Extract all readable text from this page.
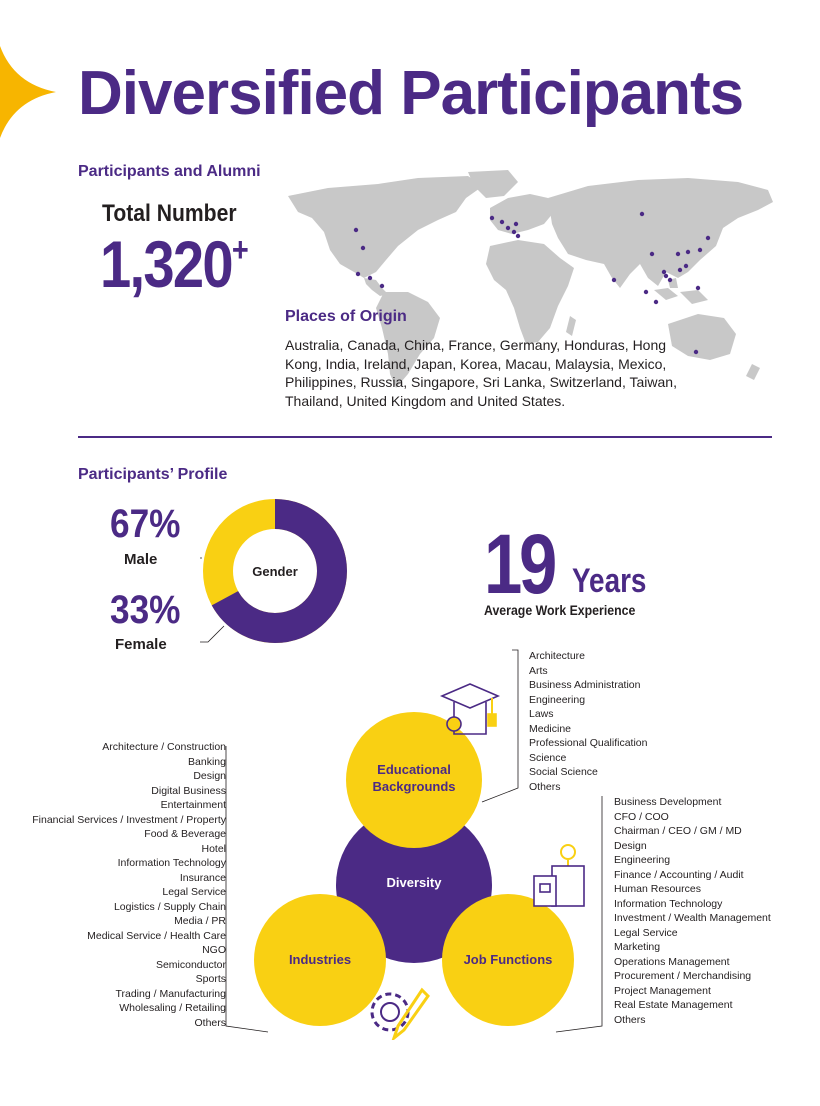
Diversified Participants
Participants and Alumni
Total Number
1,320+
Places of Origin
Australia, Canada, China, France, Germany, Honduras, Hong Kong, India, Ireland, Japan, Korea, Macau, Malaysia, Mexico, Philippines, Russia, Singapore, Sri Lanka, Switzerland, Taiwan, Thailand, United Kingdom and United States.
Participants’ Profile
67%
Male
33%
Female
Gender 19 Years
Average Work Experience
Educational
Backgrounds
Diversity
Industries	Job Functions
Architecture / Construction
Banking
Design
Digital Business
Entertainment
Financial Services / Investment / Property
Food & Beverage
Hotel
Information Technology
Insurance
Legal Service
Logistics / Supply Chain
Media / PR
Medical Service / Health Care
NGO
Semiconductor
Sports
Trading / Manufacturing
Wholesaling / Retailing
Others
Architecture
Arts
Business Administration
Engineering
Laws
Medicine
Professional Qualification
Science
Social Science
Others
Business Development
CFO / COO
Chairman / CEO / GM / MD
Design
Engineering
Finance / Accounting / Audit
Human Resources
Information Technology
Investment / Wealth Management
Legal Service
Marketing
Operations Management
Procurement / Merchandising
Project Management
Real Estate Management
Others
